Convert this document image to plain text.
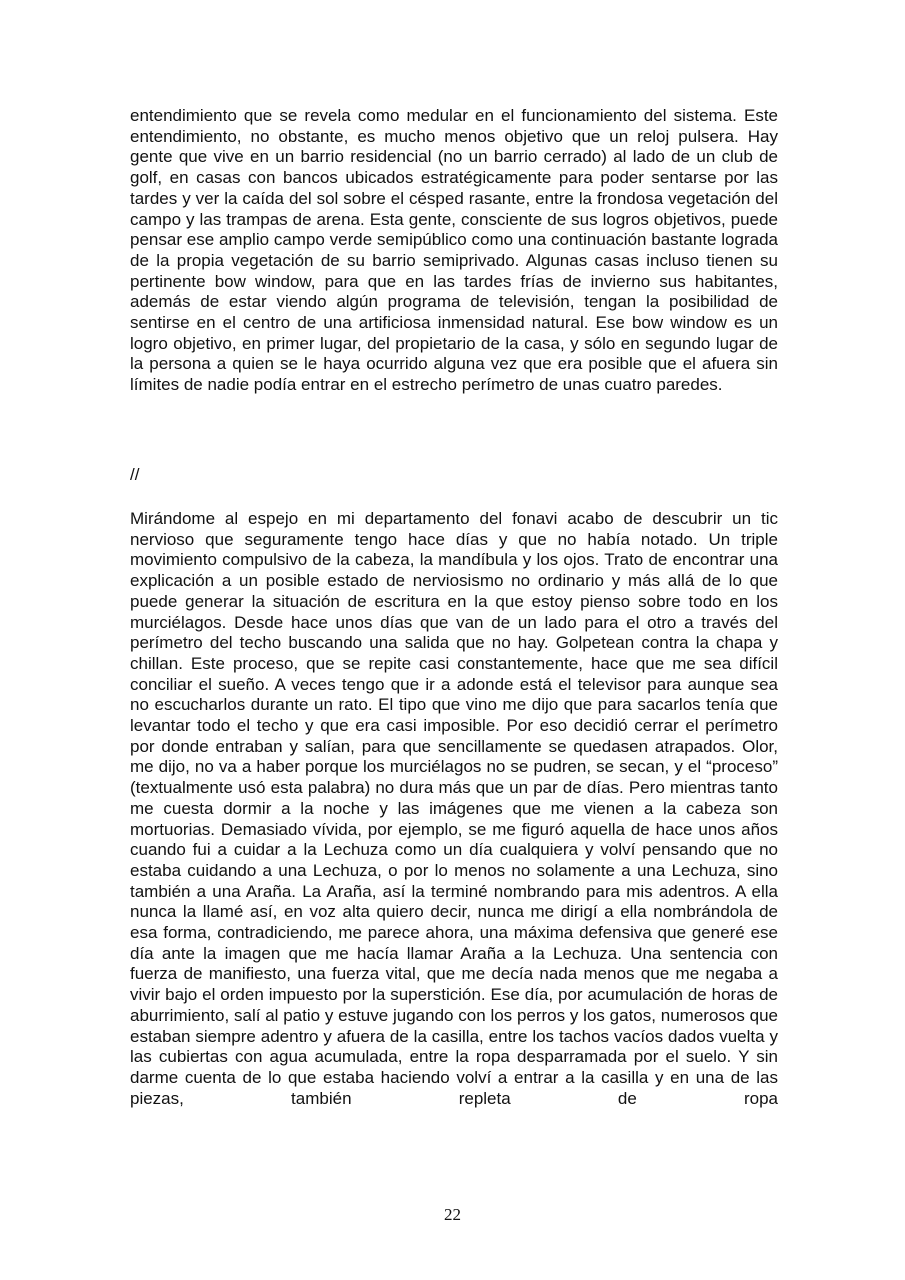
entendimiento que se revela como medular en el funcionamiento del sistema. Este entendimiento, no obstante, es mucho menos objetivo que un reloj pulsera. Hay gente que vive en un barrio residencial (no un barrio cerrado) al lado de un club de golf, en casas con bancos ubicados estratégicamente para poder sentarse por las tardes y ver la caída del sol sobre el césped rasante, entre la frondosa vegetación del campo y las trampas de arena. Esta gente, consciente de sus logros objetivos, puede pensar ese amplio campo verde semipúblico como una continuación bastante lograda de la propia vegetación de su barrio semiprivado. Algunas casas incluso tienen su pertinente bow window, para que en las tardes frías de invierno sus habitantes, además de estar viendo algún programa de televisión, tengan la posibilidad de sentirse en el centro de una artificiosa inmensidad natural. Ese bow window es un logro objetivo, en primer lugar, del propietario de la casa, y sólo en segundo lugar de la persona a quien se le haya ocurrido alguna vez que era posible que el afuera sin límites de nadie podía entrar en el estrecho perímetro de unas cuatro paredes.

//

Mirándome al espejo en mi departamento del fonavi acabo de descubrir un tic nervioso que seguramente tengo hace días y que no había notado. Un triple movimiento compulsivo de la cabeza, la mandíbula y los ojos. Trato de encontrar una explicación a un posible estado de nerviosismo no ordinario y más allá de lo que puede generar la situación de escritura en la que estoy pienso sobre todo en los murciélagos. Desde hace unos días que van de un lado para el otro a través del perímetro del techo buscando una salida que no hay. Golpetean contra la chapa y chillan. Este proceso, que se repite casi constantemente, hace que me sea difícil conciliar el sueño. A veces tengo que ir a adonde está el televisor para aunque sea no escucharlos durante un rato. El tipo que vino me dijo que para sacarlos tenía que levantar todo el techo y que era casi imposible. Por eso decidió cerrar el perímetro por donde entraban y salían, para que sencillamente se quedasen atrapados. Olor, me dijo, no va a haber porque los murciélagos no se pudren, se secan, y el “proceso” (textualmente usó esta palabra) no dura más que un par de días. Pero mientras tanto me cuesta dormir a la noche y las imágenes que me vienen a la cabeza son mortuorias. Demasiado vívida, por ejemplo, se me figuró aquella de hace unos años cuando fui a cuidar a la Lechuza como un día cualquiera y volví pensando que no estaba cuidando a una Lechuza, o por lo menos no solamente a una Lechuza, sino también a una Araña. La Araña, así la terminé nombrando para mis adentros. A ella nunca la llamé así, en voz alta quiero decir, nunca me dirigí a ella nombrándola de esa forma, contradiciendo, me parece ahora, una máxima defensiva que generé ese día ante la imagen que me hacía llamar Araña a la Lechuza. Una sentencia con fuerza de manifiesto, una fuerza vital, que me decía nada menos que me negaba a vivir bajo el orden impuesto por la superstición. Ese día, por acumulación de horas de aburrimiento, salí al patio y estuve jugando con los perros y los gatos, numerosos que estaban siempre adentro y afuera de la casilla, entre los tachos vacíos dados vuelta y las cubiertas con agua acumulada, entre la ropa desparramada por el suelo. Y sin darme cuenta de lo que estaba haciendo volví a entrar a la casilla y en una de las piezas, también repleta de ropa

22
